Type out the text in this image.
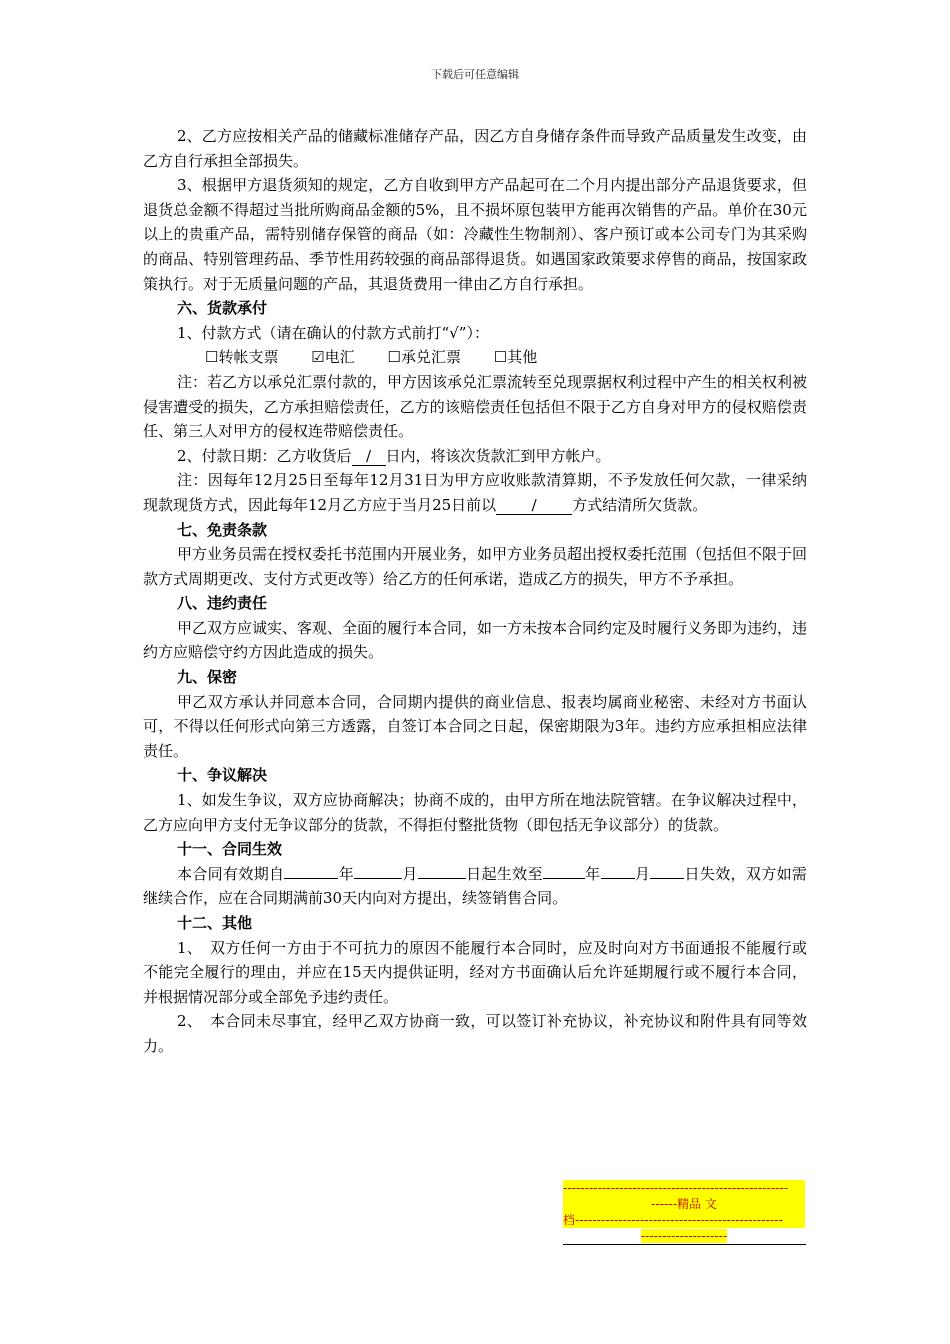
下载后可任意编辑

2、乙方应按相关产品的储藏标准储存产品，因乙方自身储存条件而导致产品质量发生改变，由乙方自行承担全部损失。

3、根据甲方退货须知的规定，乙方自收到甲方产品起可在二个月内提出部分产品退货要求，但退货总金额不得超过当批所购商品金额的5%，且不损坏原包装甲方能再次销售的产品。单价在30元以上的贵重产品，需特别储存保管的商品（如：冷藏性生物制剂）、客户预订或本公司专门为其采购的商品、特别管理药品、季节性用药较强的商品部得退货。如遇国家政策要求停售的商品，按国家政策执行。对于无质量问题的产品，其退货费用一律由乙方自行承担。

六、货款承付

1、付款方式（请在确认的付款方式前打“√”）：

☐转帐支票 ☑电汇 ☐承兑汇票 ☐其他

注：若乙方以承兑汇票付款的，甲方因该承兑汇票流转至兑现票据权利过程中产生的相关权利被侵害遭受的损失，乙方承担赔偿责任，乙方的该赔偿责任包括但不限于乙方自身对甲方的侵权赔偿责任、第三人对甲方的侵权连带赔偿责任。

2、付款日期：乙方收货后 / 日内，将该次货款汇到甲方帐户。

注：因每年12月25日至每年12月31日为甲方应收账款清算期，不予发放任何欠款，一律采纳现款现货方式，因此每年12月乙方应于当月25日前以 / 方式结清所欠货款。

七、免责条款

甲方业务员需在授权委托书范围内开展业务，如甲方业务员超出授权委托范围（包括但不限于回款方式周期更改、支付方式更改等）给乙方的任何承诺，造成乙方的损失，甲方不予承担。

八、违约责任

甲乙双方应诚实、客观、全面的履行本合同，如一方未按本合同约定及时履行义务即为违约，违约方应赔偿守约方因此造成的损失。

九、保密

甲乙双方承认并同意本合同，合同期内提供的商业信息、报表均属商业秘密、未经对方书面认可，不得以任何形式向第三方透露，自签订本合同之日起，保密期限为3年。违约方应承担相应法律责任。

十、争议解决

1、如发生争议，双方应协商解决；协商不成的，由甲方所在地法院管辖。在争议解决过程中，乙方应向甲方支付无争议部分的货款，不得拒付整批货物（即包括无争议部分）的货款。

十一、合同生效

本合同有效期自	年	月	日起生效至	年 月 日失效，双方如需继续合作，应在合同期满前30天内向对方提出，续签销售合同。

十二、其他

1、　双方任何一方由于不可抗力的原因不能履行本合同时，应及时向对方书面通报不能履行或不能完全履行的理由，并应在15天内提供证明，经对方书面确认后允许延期履行或不履行本合同，并根据情况部分或全部免予违约责任。

2、　本合同未尽事宜，经甲乙双方协商一致，可以签订补充协议，补充协议和附件具有同等效力。

----------------------------------------------------
------精品 文
档------------------------------------------------
--------------------
